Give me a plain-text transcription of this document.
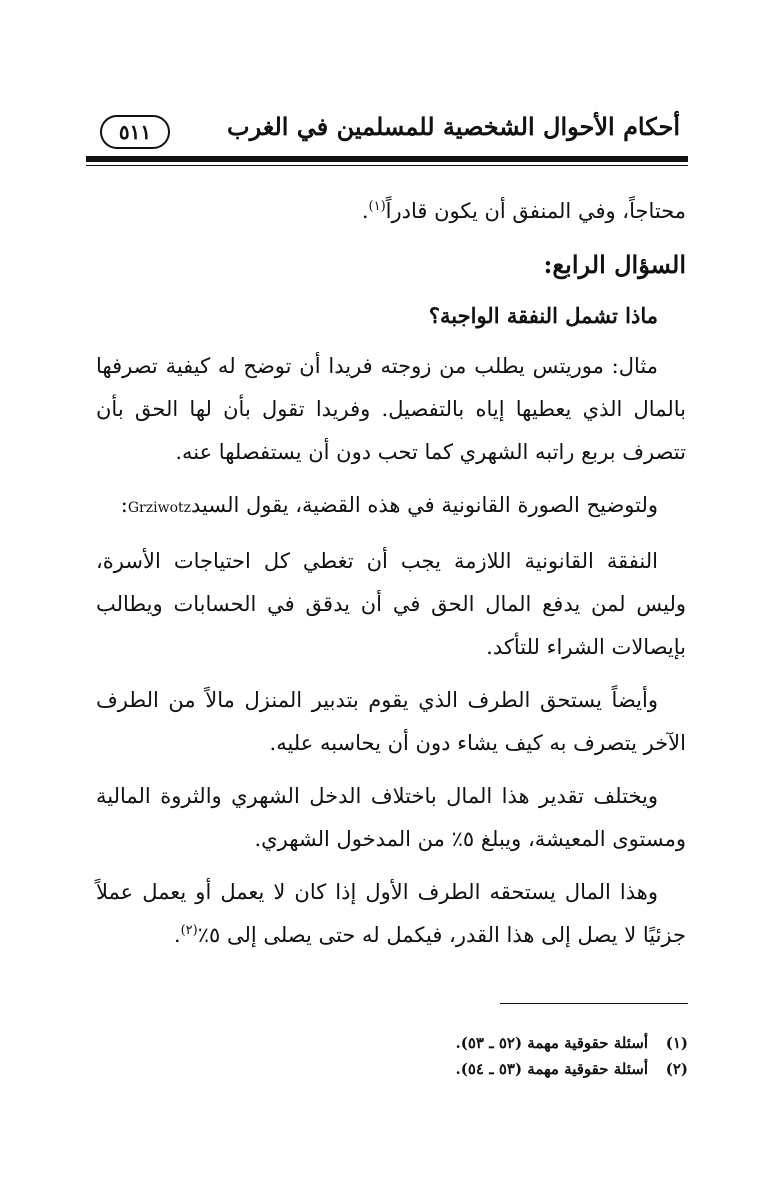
أحكام الأحوال الشخصية للمسلمين في الغرب
٥١١

محتاجاً، وفي المنفق أن يكون قادراً$^{(١)}$.

السؤال الرابع:
ماذا تشمل النفقة الواجبة؟

مثال: موريتس يطلب من زوجته فريدا أن توضح له كيفية تصرفها بالمال الذي يعطيها إياه بالتفصيل. وفريدا تقول بأن لها الحق بأن تتصرف بربع راتبه الشهري كما تحب دون أن يستفصلها عنه.

ولتوضيح الصورة القانونية في هذه القضية، يقول السيدGrziwotz:

النفقة القانونية اللازمة يجب أن تغطي كل احتياجات الأسرة، وليس لمن يدفع المال الحق في أن يدقق في الحسابات ويطالب بإيصالات الشراء للتأكد.

وأيضاً يستحق الطرف الذي يقوم بتدبير المنزل مالاً من الطرف الآخر يتصرف به كيف يشاء دون أن يحاسبه عليه.

ويختلف تقدير هذا المال باختلاف الدخل الشهري والثروة المالية ومستوى المعيشة، ويبلغ ٥٪ من المدخول الشهري.

وهذا المال يستحقه الطرف الأول إذا كان لا يعمل أو يعمل عملاً جزئيًا لا يصل إلى هذا القدر، فيكمل له حتى يصلى إلى ٥٪$^{(٢)}$.

(١)
أسئلة حقوقية مهمة (٥٢ ـ ٥٣).
(٢)
أسئلة حقوقية مهمة (٥٣ ـ ٥٤).
